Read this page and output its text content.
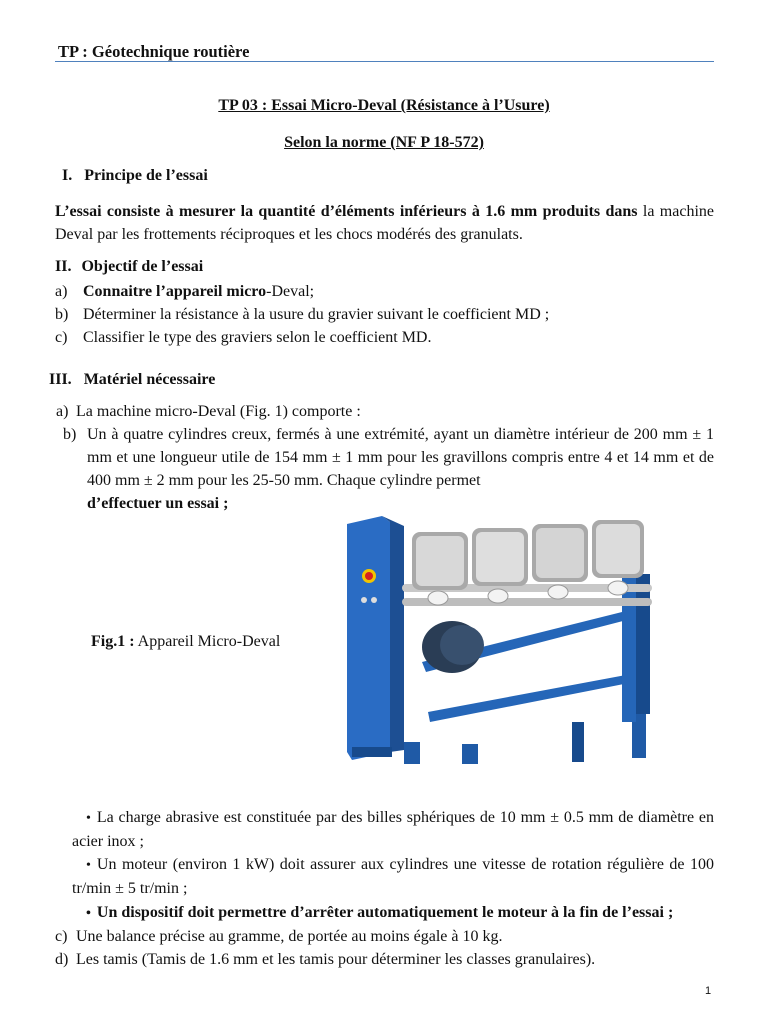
TP : Géotechnique routière
TP 03 : Essai Micro-Deval (Résistance à l’Usure)
Selon la norme (NF P 18-572)
I. Principe de l’essai
L’essai consiste à mesurer la quantité d’éléments inférieurs à 1.6 mm produits dans la machine Deval par les frottements réciproques et les chocs modérés des granulats.
II. Objectif de l’essai
a) Connaitre l’appareil micro-Deval;
b) Déterminer la résistance à la usure du gravier suivant le coefficient MD ;
c) Classifier le type des graviers selon le coefficient MD.
III. Matériel nécessaire
a) La machine micro-Deval (Fig. 1) comporte :
b) Un à quatre cylindres creux, fermés à une extrémité, ayant un diamètre intérieur de 200 mm ± 1 mm et une longueur utile de 154 mm ± 1 mm pour les gravillons compris entre 4 et 14 mm et de 400 mm ± 2 mm pour les 25-50 mm. Chaque cylindre permet
d’effectuer un essai ;
Fig.1 : Appareil Micro-Deval
• La charge abrasive est constituée par des billes sphériques de 10 mm ± 0.5 mm de diamètre en acier inox ;
• Un moteur (environ 1 kW) doit assurer aux cylindres une vitesse de rotation régulière de 100 tr/min ± 5 tr/min ;
• Un dispositif doit permettre d’arrêter automatiquement le moteur à la fin de l’essai ;
c) Une balance précise au gramme, de portée au moins égale à 10 kg.
d) Les tamis (Tamis de 1.6 mm et les tamis pour déterminer les classes granulaires).
1
